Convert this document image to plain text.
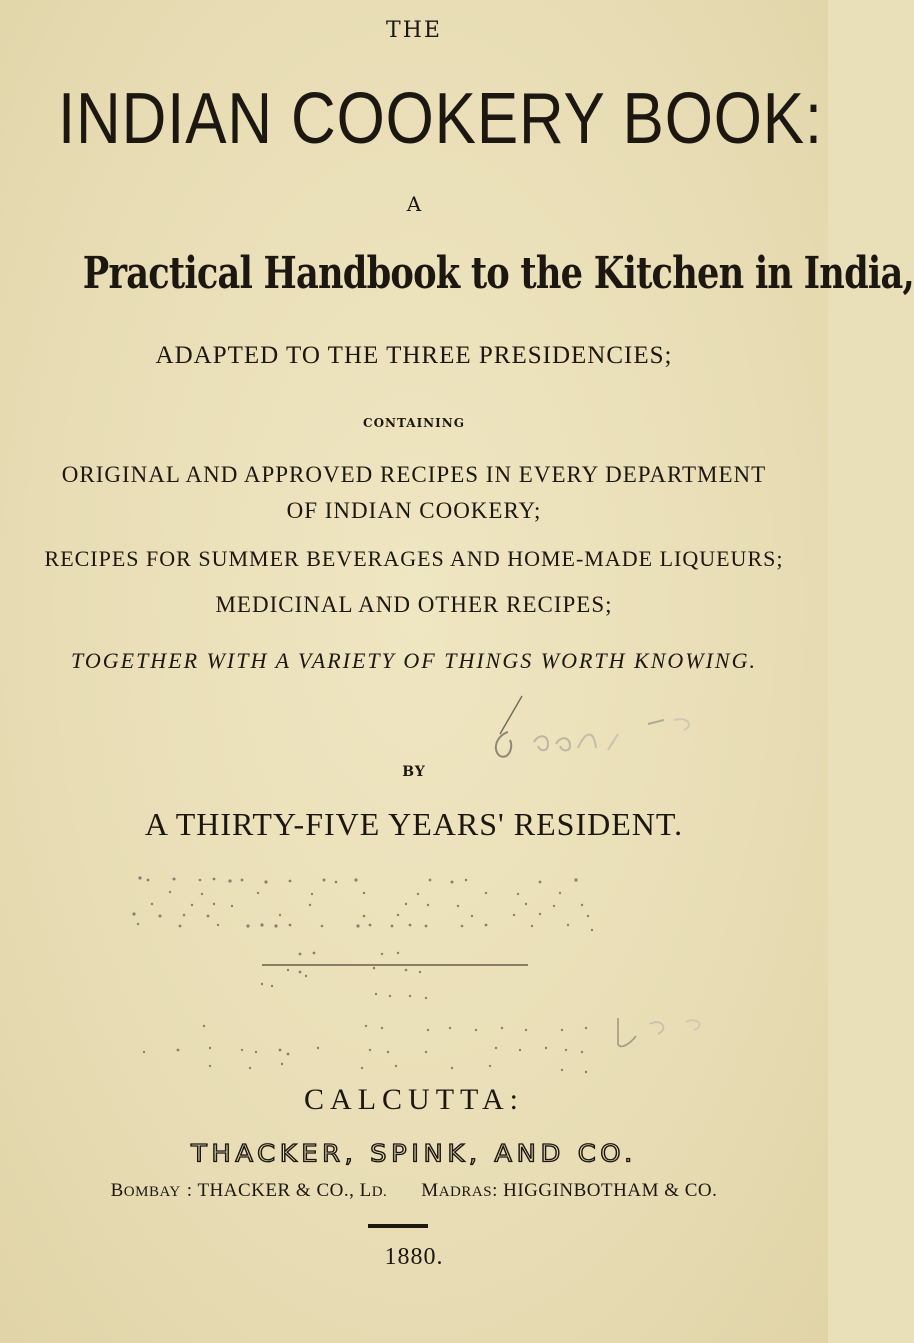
THE
INDIAN COOKERY BOOK:
A
Practical Handbook to the Kitchen in India,
ADAPTED TO THE THREE PRESIDENCIES;
CONTAINING
ORIGINAL AND APPROVED RECIPES IN EVERY DEPARTMENT
OF INDIAN COOKERY;
RECIPES FOR SUMMER BEVERAGES AND HOME-MADE LIQUEURS;
MEDICINAL AND OTHER RECIPES;
TOGETHER WITH A VARIETY OF THINGS WORTH KNOWING.
BY
A THIRTY-FIVE YEARS' RESIDENT.
CALCUTTA:
THACKER, SPINK, AND CO.
BOMBAY : THACKER & CO., LD. MADRAS: HIGGINBOTHAM & CO.
1880.
